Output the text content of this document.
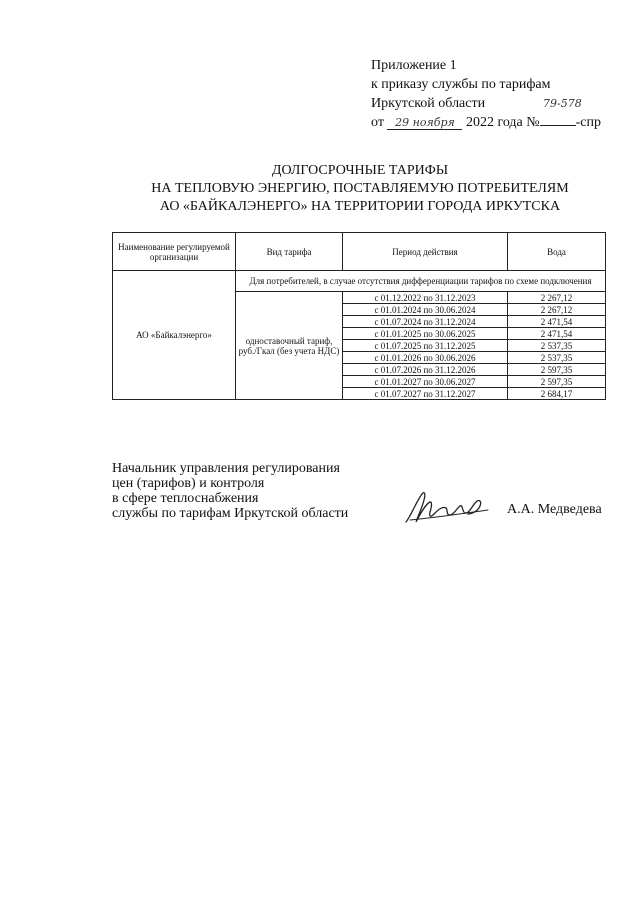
Приложение 1
к приказу службы по тарифам
Иркутской области
от 29 ноября 2022 года №	-спр
79-578
ДОЛГОСРОЧНЫЕ ТАРИФЫ
НА ТЕПЛОВУЮ ЭНЕРГИЮ, ПОСТАВЛЯЕМУЮ ПОТРЕБИТЕЛЯМ
АО «БАЙКАЛЭНЕРГО» НА ТЕРРИТОРИИ ГОРОДА ИРКУТСКА
Наименование регулируемой организации	Вид тарифа	Период действия	Вода
АО «Байкалэнерго»	Для потребителей, в случае отсутствия дифференциации тарифов по схеме подключения		
	одноставочный тариф, руб./Гкал (без учета НДС)	с 01.12.2022 по 31.12.2023	2 267,12
		с 01.01.2024 по 30.06.2024	2 267,12
		с 01.07.2024 по 31.12.2024	2 471,54
		с 01.01.2025 по 30.06.2025	2 471,54
		с 01.07.2025 по 31.12.2025	2 537,35
		с 01.01.2026 по 30.06.2026	2 537,35
		с 01.07.2026 по 31.12.2026	2 597,35
		с 01.01.2027 по 30.06.2027	2 597,35
		с 01.07.2027 по 31.12.2027	2 684,17
Начальник управления регулирования
цен (тарифов) и контроля
в сфере теплоснабжения
службы по тарифам Иркутской области	А.А. Медведева
